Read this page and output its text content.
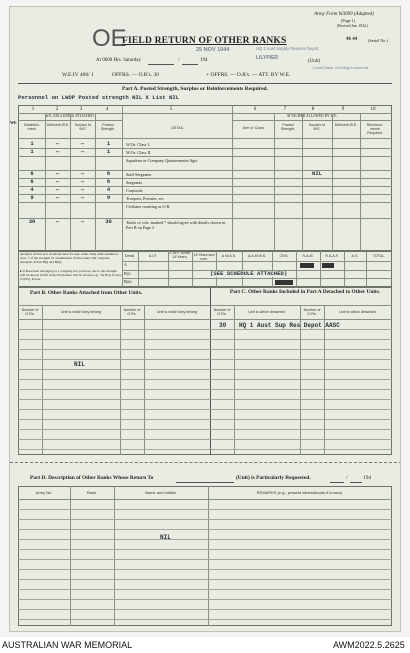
Army Form W3009 (Adapted)
(Page 1)
(Revised Jan. 1942.)
OE
FIELD RETURN OF OTHER RANKS
25 NOV 1944	HQ 1 Aust Supply Reserve Depot
46 44	(Serial No.)
At 0600 Hrs. Saturday	/	194	LILYPIER
(Unit)
1 Aust Base Clothing Increment
W.E.IV 400/ 1	OFFRS. — O.R's. 30	+ OFFRS. — O.R's. — ATT. BY W.E.
Part A. Posted Strength, Surplus or Reinforcements Required.
Personnel on LWOP Posted strength NIL X List NIL
1	2	3	4	5	6	7	8	9	10
WE
W.E. EXCLUDING ATTACHED.	ATTACHED ALLOWED BY W.E.
Establish-ment.
Deficient W.E.	Surplus to W.E.
Posted Strength.	DETAIL.	Arm or Corps.
Posted Strength.
Surplus to W.E.
Deficient W.E.	Reinforce-ments Required.
1	—	—	1	W.Os. Class I.
1	—	—	1	W.Os. Class II.
Squadron or Company Quartermaster Sgts.
6	—	—	6	Staff Sergeants	NIL
6	—	—	6	Sergeants
4	—	—	4	Corporals
9	—	—	9	Troopers, Privates, etc.
Civilians counting as O.R.
30	—	—	30	Totals of cols. marked * should agree with details shown in Part B on Page 2
Analysis of Part A to be shown here for Aus. units. Only units entitled to corn. 7 of the strength for assimilation of this return will complete Analysis of Part B(i) and B(ii).
▸ If Personnel belonging to a company not you have one to the strength will be shown in full in the Particulars will be shown, e.g., 3A H.Q. Power, 10 H.Q. Power.
Detail.	A.I.F.
C.M.F. Under 18 Years.	18 Years and over.
A.W.A.S.	A.A.M.W.S.	CIVIL	N.A.M.	R.A.A.F.	A.S.	TOTAL.
A
B(i)
B(ii)
(SEE SCHEDULE ATTACHED)
Part B. Other Ranks Attached from Other Units.	Part C. Other Ranks Included in Part A Detached to Other Units.
Number of O.Rs.	Unit to which they belong	Number of O.Rs.	Unit to which they belong	Number of O.Rs.	Unit to which detached.	Number of O.Rs.	Unit to which detached.
NIL
30 HQ 1 Aust Sup Res Depot AASC
Part D. Description of Other Ranks Whose Return To	(Unit) is Particularly Requested.	/	194
Army No.	Rank.	Name and Initials.	REMARKS (e.g., present whereabouts if known).
NIL
AUSTRALIAN WAR MEMORIAL	AWM2022.5.2625
